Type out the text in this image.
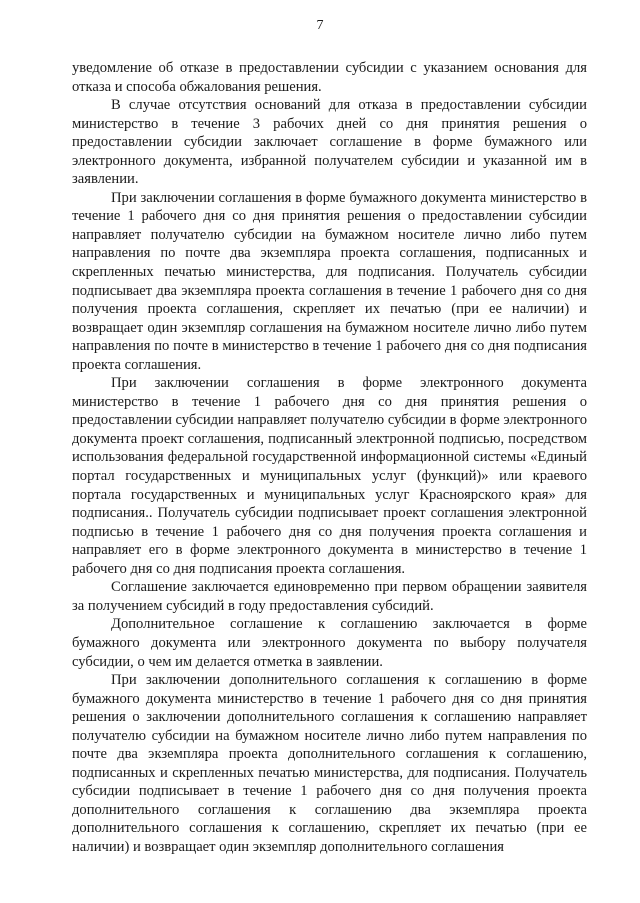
7

уведомление об отказе в предоставлении субсидии с указанием основания для отказа и способа обжалования решения.

В случае отсутствия оснований для отказа в предоставлении субсидии министерство в течение 3 рабочих дней со дня принятия решения о предоставлении субсидии заключает соглашение в форме бумажного или электронного документа, избранной получателем субсидии и указанной им в заявлении.

При заключении соглашения в форме бумажного документа министерство в течение 1 рабочего дня со дня принятия решения о предоставлении субсидии направляет получателю субсидии на бумажном носителе лично либо путем направления по почте два экземпляра проекта соглашения, подписанных и скрепленных печатью министерства, для подписания. Получатель субсидии подписывает два экземпляра проекта соглашения в течение 1 рабочего дня со дня получения проекта соглашения, скрепляет их печатью (при ее наличии) и возвращает один экземпляр соглашения на бумажном носителе лично либо путем направления по почте в министерство в течение 1 рабочего дня со дня подписания проекта соглашения.

При заключении соглашения в форме электронного документа министерство в течение 1 рабочего дня со дня принятия решения о предоставлении субсидии направляет получателю субсидии в форме электронного документа проект соглашения, подписанный электронной подписью, посредством использования федеральной государственной информационной системы «Единый портал государственных и муниципальных услуг (функций)» или краевого портала государственных и муниципальных услуг Красноярского края» для подписания.. Получатель субсидии подписывает проект соглашения электронной подписью в течение 1 рабочего дня со дня получения проекта соглашения и направляет его в форме электронного документа в министерство в течение 1 рабочего дня со дня подписания проекта соглашения.

Соглашение заключается единовременно при первом обращении заявителя за получением субсидий в году предоставления субсидий.

Дополнительное соглашение к соглашению заключается в форме бумажного документа или электронного документа по выбору получателя субсидии, о чем им делается отметка в заявлении.

При заключении дополнительного соглашения к соглашению в форме бумажного документа министерство в течение 1 рабочего дня со дня принятия решения о заключении дополнительного соглашения к соглашению направляет получателю субсидии на бумажном носителе лично либо путем направления по почте два экземпляра проекта дополнительного соглашения к соглашению, подписанных и скрепленных печатью министерства, для подписания. Получатель субсидии подписывает в течение 1 рабочего дня со дня получения проекта дополнительного соглашения к соглашению два экземпляра проекта дополнительного соглашения к соглашению, скрепляет их печатью (при ее наличии) и возвращает один экземпляр дополнительного соглашения
